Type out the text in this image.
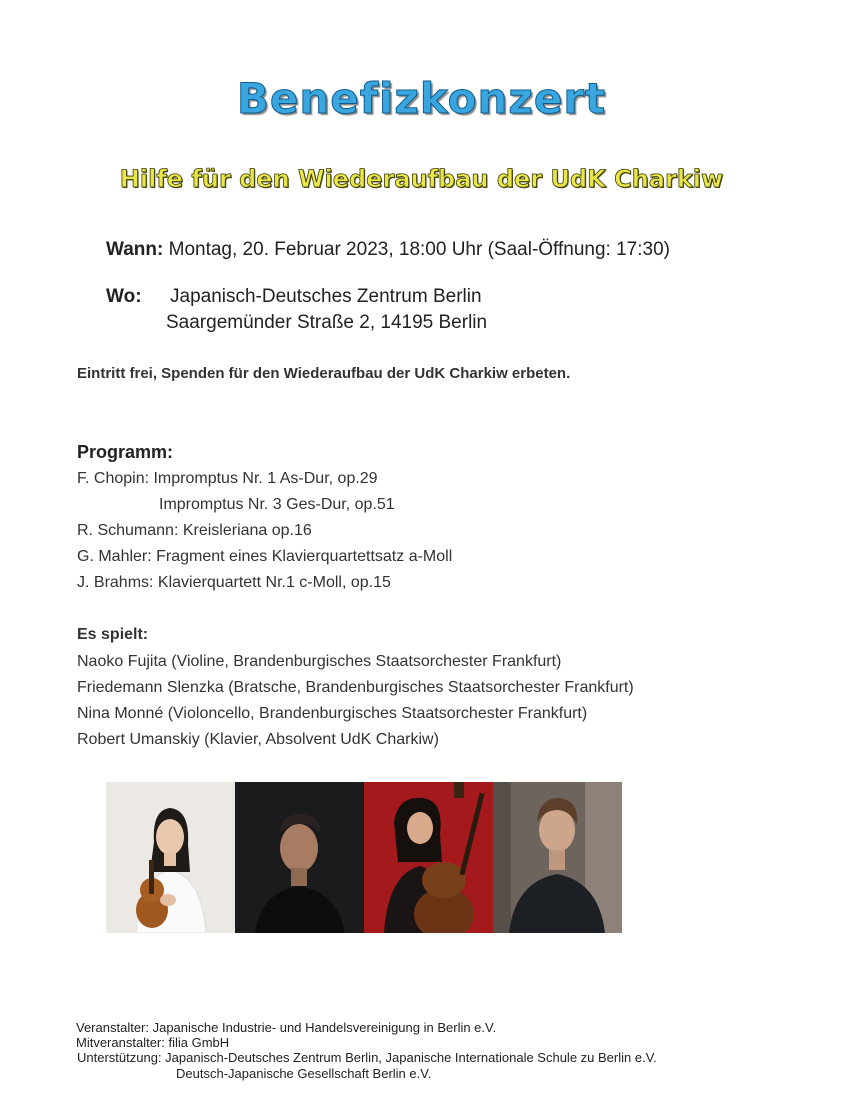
Benefizkonzert
Hilfe für den Wiederaufbau der UdK Charkiw
Wann: Montag, 20. Februar 2023, 18:00 Uhr (Saal-Öffnung: 17:30)
Wo: Japanisch-Deutsches Zentrum Berlin
Saargemünder Straße 2, 14195 Berlin
Eintritt frei, Spenden für den Wiederaufbau der UdK Charkiw erbeten.
Programm:
F. Chopin: Impromptus Nr. 1 As-Dur, op.29
Impromptus Nr. 3 Ges-Dur, op.51
R. Schumann: Kreisleriana op.16
G. Mahler: Fragment eines Klavierquartettsatz a-Moll
J. Brahms: Klavierquartett Nr.1 c-Moll, op.15
Es spielt:
Naoko Fujita (Violine, Brandenburgisches Staatsorchester Frankfurt)
Friedemann Slenzka (Bratsche, Brandenburgisches Staatsorchester Frankfurt)
Nina Monné (Violoncello, Brandenburgisches Staatsorchester Frankfurt)
Robert Umanskiy (Klavier, Absolvent UdK Charkiw)
Veranstalter: Japanische Industrie- und Handelsvereinigung in Berlin e.V.
Mitveranstalter: filia GmbH
Unterstützung: Japanisch-Deutsches Zentrum Berlin, Japanische Internationale Schule zu Berlin e.V.
Deutsch-Japanische Gesellschaft Berlin e.V.
